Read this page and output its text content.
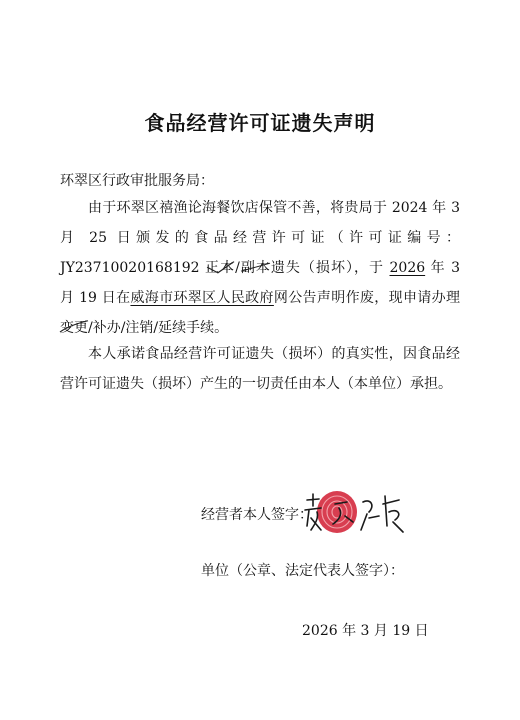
食品经营许可证遗失声明
环翠区行政审批服务局：
由于环翠区禧渔论海餐饮店保管不善，将贵局于 2024 年 3 月 25 日颁发的食品经营许可证（许可证编号：JY23710020168192 正本
/副本
遗失（损坏），于 2026 年 3 月 19 日在威海市环翠区人民政府网公告声明作废，现申请办理变更
/补办/注销/延续手续。
本人承诺食品经营许可证遗失（损坏）的真实性，因食品经营许可证遗失（损坏）产生的一切责任由本人（本单位）承担。
经营者本人签字：
单位（公章、法定代表人签字）：
2026 年 3 月 19 日
